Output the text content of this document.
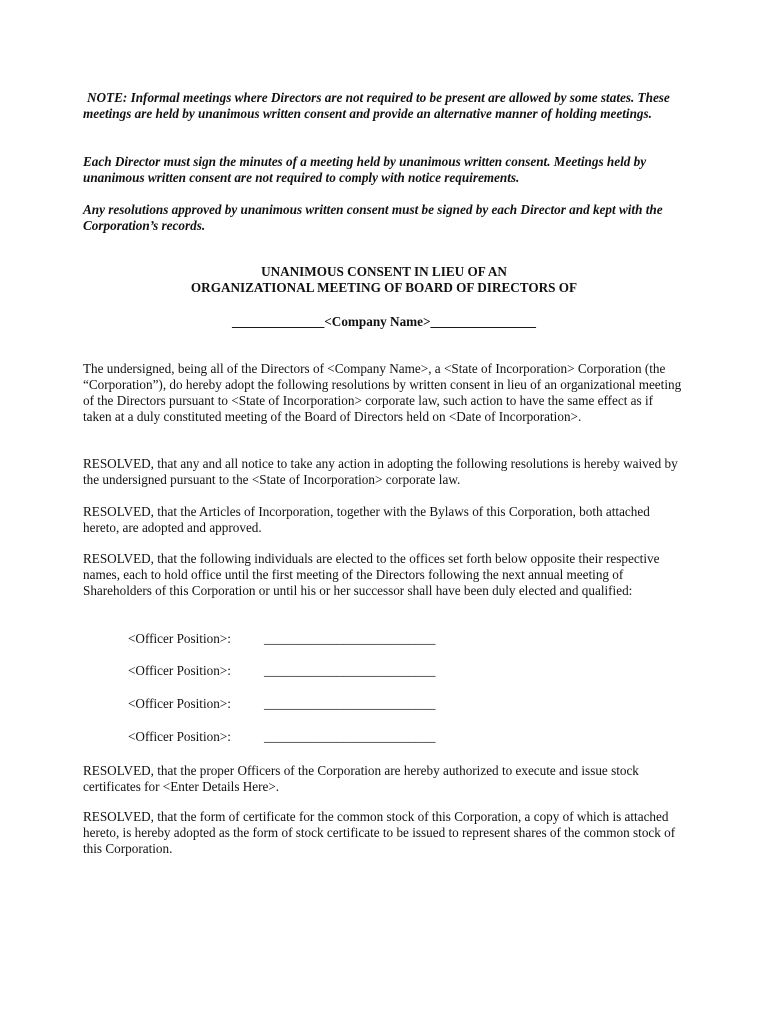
NOTE: Informal meetings where Directors are not required to be present are allowed by some states. These meetings are held by unanimous written consent and provide an alternative manner of holding meetings.

Each Director must sign the minutes of a meeting held by unanimous written consent. Meetings held by unanimous written consent are not required to comply with notice requirements.

Any resolutions approved by unanimous written consent must be signed by each Director and kept with the Corporation’s records.

UNANIMOUS CONSENT IN LIEU OF AN

ORGANIZATIONAL MEETING OF BOARD OF DIRECTORS OF

______________<Company Name>________________

The undersigned, being all of the Directors of <Company Name>, a <State of Incorporation> Corporation (the “Corporation”), do hereby adopt the following resolutions by written consent in lieu of an organizational meeting of the Directors pursuant to <State of Incorporation> corporate law, such action to have the same effect as if taken at a duly constituted meeting of the Board of Directors held on <Date of Incorporation>.

RESOLVED, that any and all notice to take any action in adopting the following resolutions is hereby waived by the undersigned pursuant to the <State of Incorporation> corporate law.

RESOLVED, that the Articles of Incorporation, together with the Bylaws of this Corporation, both attached hereto, are adopted and approved.

RESOLVED, that the following individuals are elected to the offices set forth below opposite their respective names, each to hold office until the first meeting of the Directors following the next annual meeting of Shareholders of this Corporation or until his or her successor shall have been duly elected and qualified:

<Officer Position>:	__________________________
<Officer Position>:	__________________________
<Officer Position>:	__________________________
<Officer Position>:	__________________________

RESOLVED, that the proper Officers of the Corporation are hereby authorized to execute and issue stock certificates for <Enter Details Here>.

RESOLVED, that the form of certificate for the common stock of this Corporation, a copy of which is attached hereto, is hereby adopted as the form of stock certificate to be issued to represent shares of the common stock of this Corporation.
